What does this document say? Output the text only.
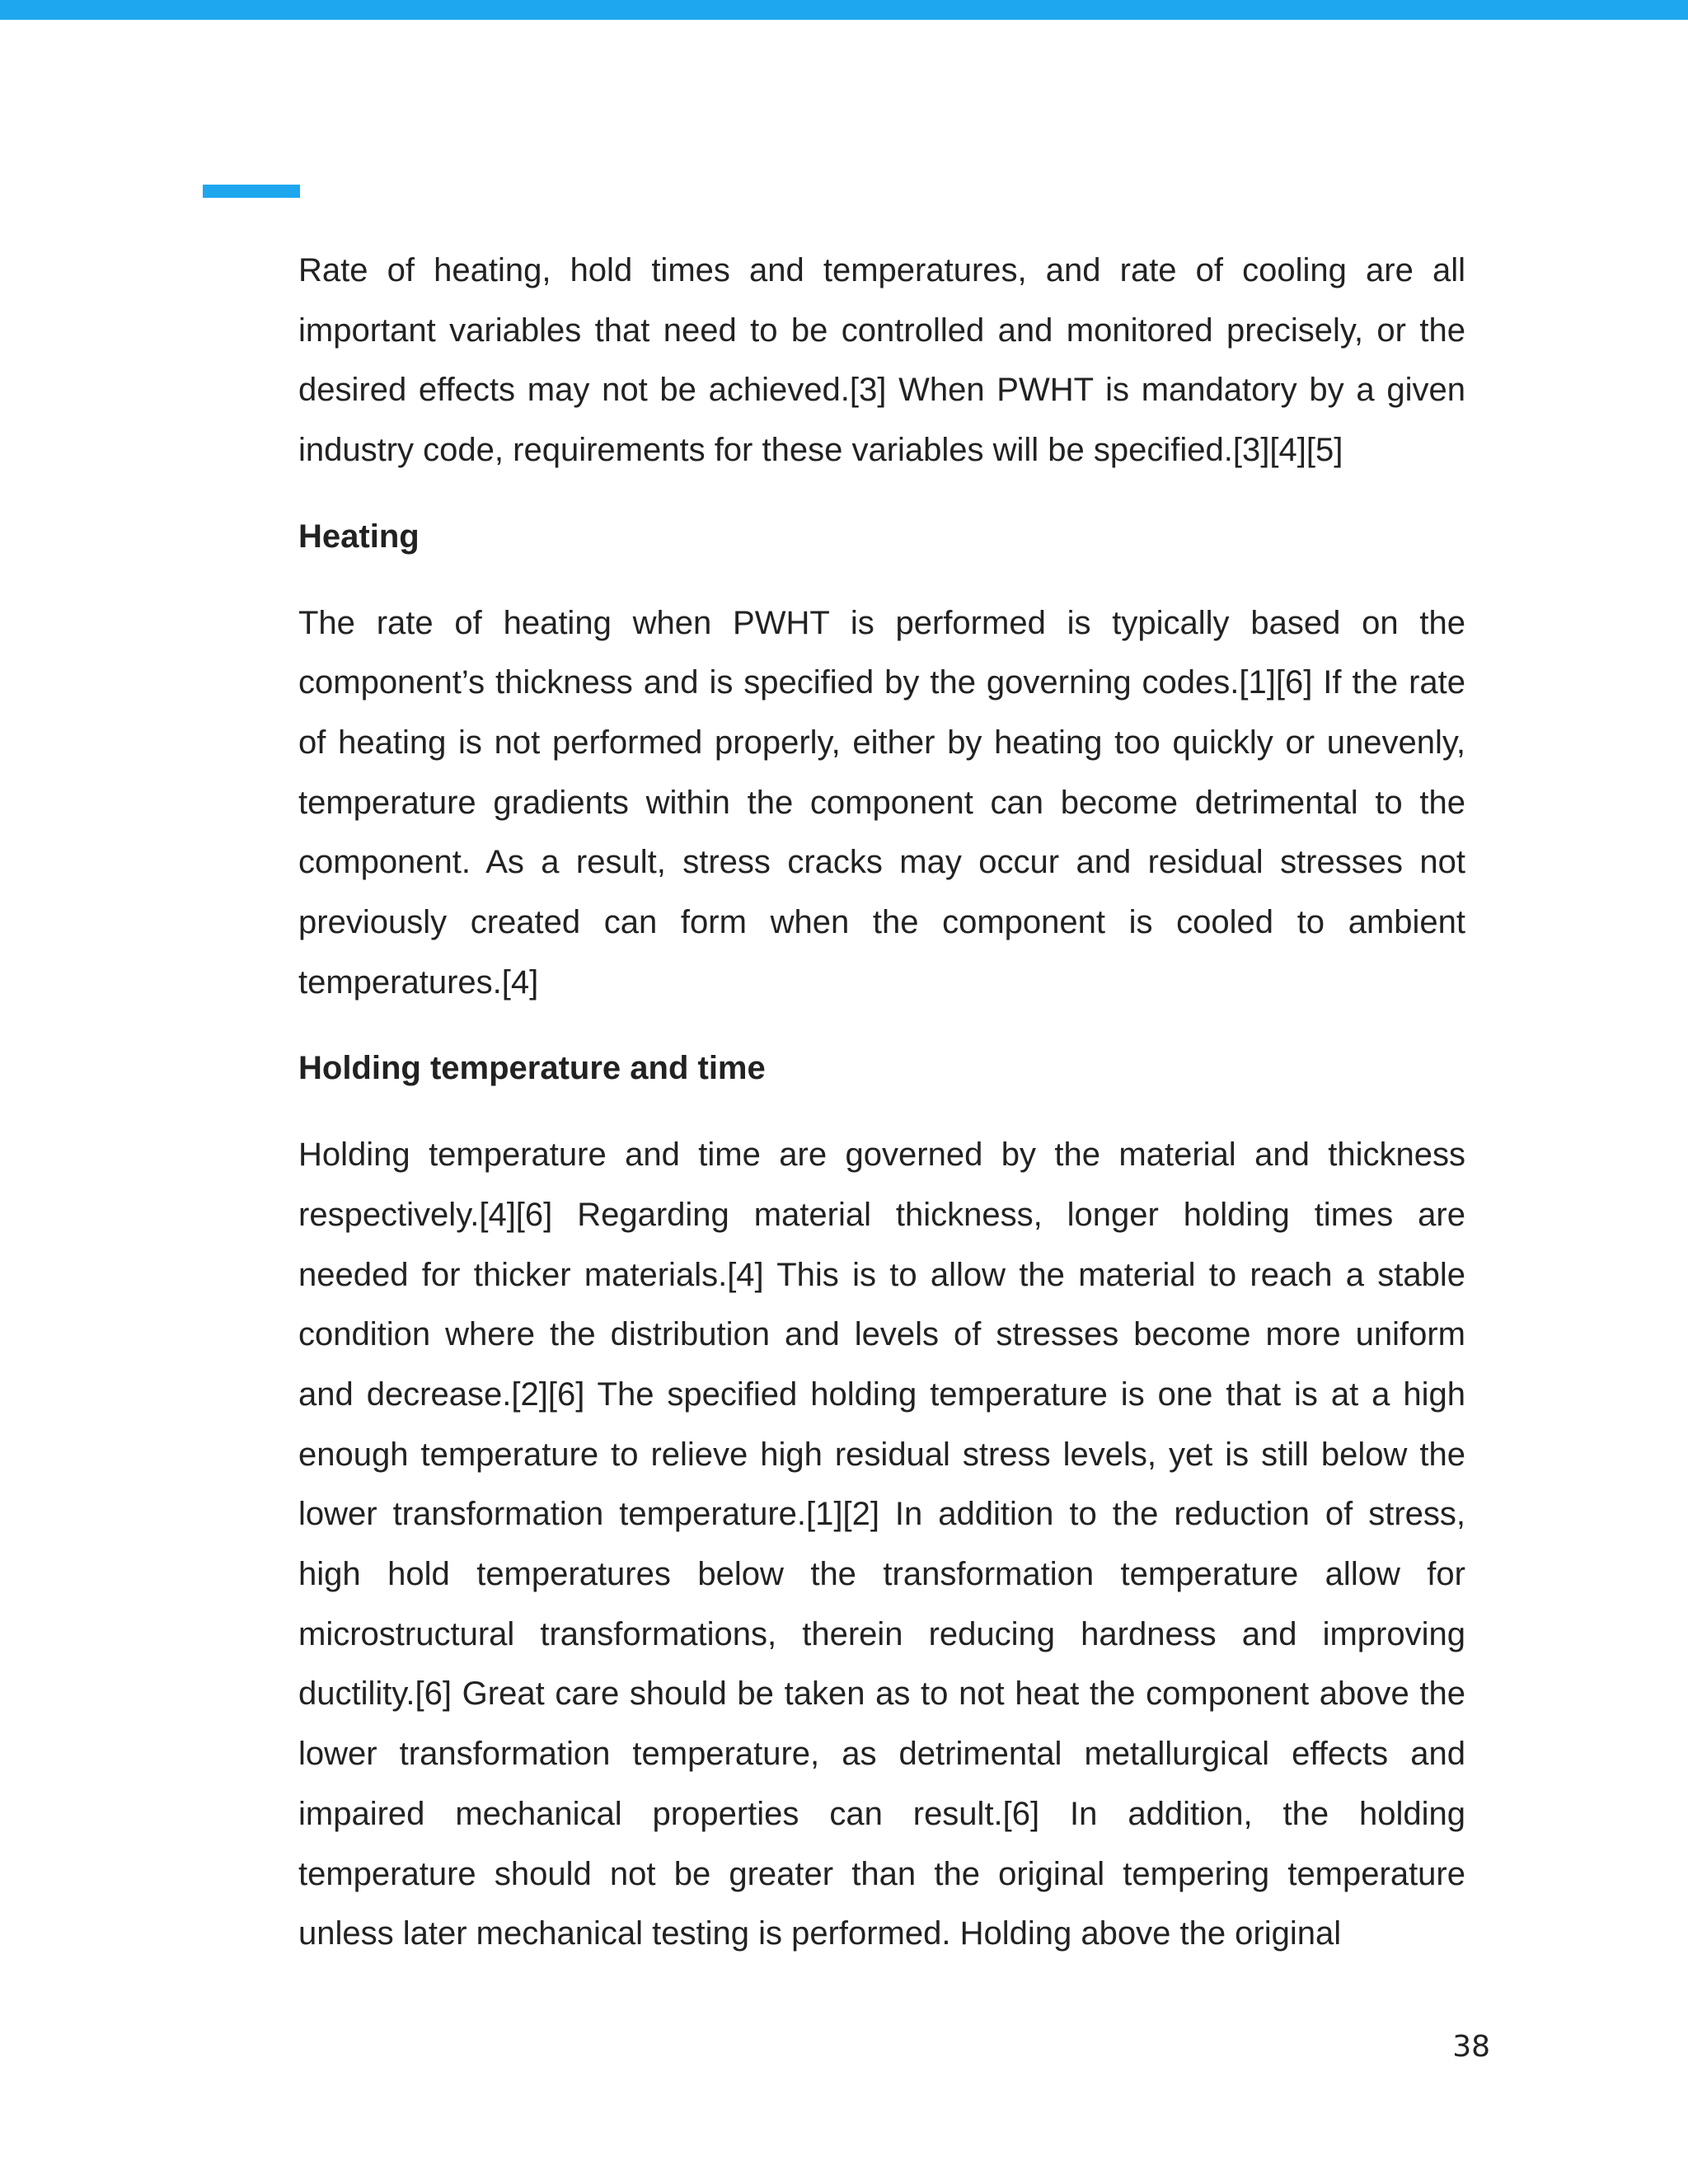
Rate of heating, hold times and temperatures, and rate of cooling are all important variables that need to be controlled and monitored precisely, or the desired effects may not be achieved.[3] When PWHT is mandatory by a given industry code, requirements for these variables will be specified.[3][4][5]

Heating

The rate of heating when PWHT is performed is typically based on the component’s thickness and is specified by the governing codes.[1][6] If the rate of heating is not performed properly, either by heating too quickly or unevenly, temperature gradients within the component can become detrimental to the component. As a result, stress cracks may occur and residual stresses not previously created can form when the component is cooled to ambient temperatures.[4]

Holding temperature and time

Holding temperature and time are governed by the material and thickness respectively.[4][6] Regarding material thickness, longer holding times are needed for thicker materials.[4] This is to allow the material to reach a stable condition where the distribution and levels of stresses become more uniform and decrease.[2][6] The specified holding temperature is one that is at a high enough temperature to relieve high residual stress levels, yet is still below the lower transformation temperature.[1][2] In addition to the reduction of stress, high hold temperatures below the transformation temperature allow for microstructural transformations, therein reducing hardness and improving ductility.[6] Great care should be taken as to not heat the component above the lower transformation temperature, as detrimental metallurgical effects and impaired mechanical properties can result.[6] In addition, the holding temperature should not be greater than the original tempering temperature unless later mechanical testing is performed. Holding above the original

38
